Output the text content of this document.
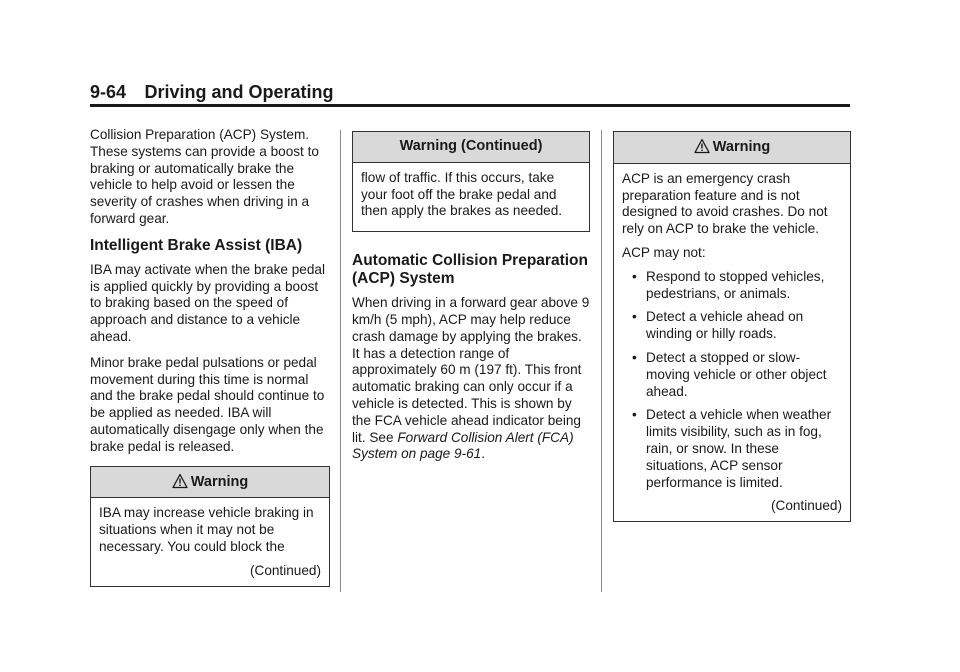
9-64 Driving and Operating

Collision Preparation (ACP) System. These systems can provide a boost to braking or automatically brake the vehicle to help avoid or lessen the severity of crashes when driving in a forward gear.

Intelligent Brake Assist (IBA)

IBA may activate when the brake pedal is applied quickly by providing a boost to braking based on the speed of approach and distance to a vehicle ahead.

Minor brake pedal pulsations or pedal movement during this time is normal and the brake pedal should continue to be applied as needed. IBA will automatically disengage only when the brake pedal is released.

Warning

IBA may increase vehicle braking in situations when it may not be necessary. You could block the

(Continued)
Warning (Continued)

flow of traffic. If this occurs, take your foot off the brake pedal and then apply the brakes as needed.

Automatic Collision Preparation (ACP) System

When driving in a forward gear above 9 km/h (5 mph), ACP may help reduce crash damage by applying the brakes. It has a detection range of approximately 60 m (197 ft). This front automatic braking can only occur if a vehicle is detected. This is shown by the FCA vehicle ahead indicator being lit. See Forward Collision Alert (FCA) System on page 9-61.

Warning

ACP is an emergency crash preparation feature and is not designed to avoid crashes. Do not rely on ACP to brake the vehicle.

ACP may not:

• Respond to stopped vehicles, pedestrians, or animals.
• Detect a vehicle ahead on winding or hilly roads.
• Detect a stopped or slow-moving vehicle or other object ahead.
• Detect a vehicle when weather limits visibility, such as in fog, rain, or snow. In these situations, ACP sensor performance is limited.
(Continued)
